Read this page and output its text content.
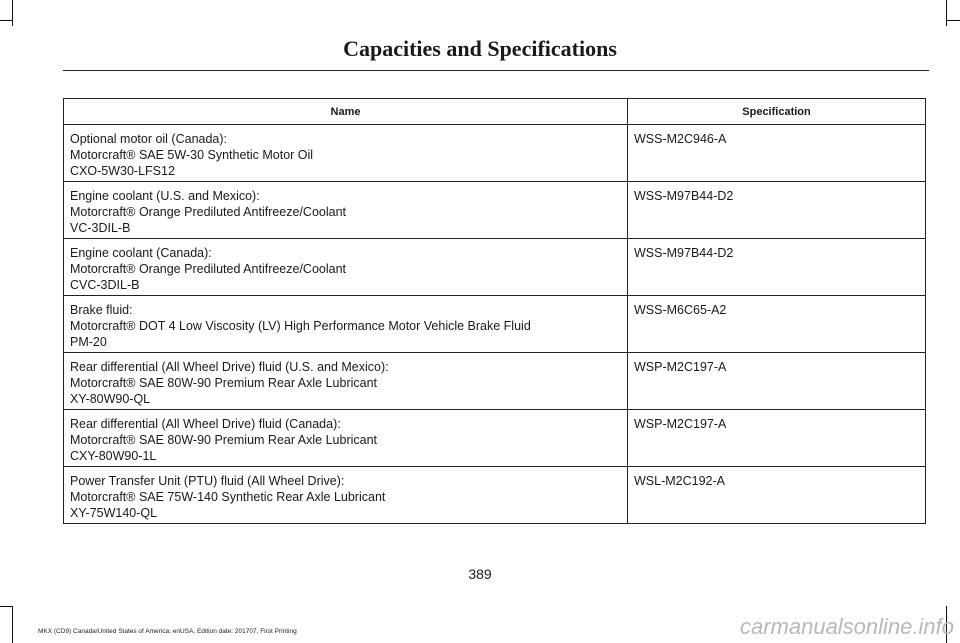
Capacities and Specifications
Name	Specification

Optional motor oil (Canada):
Motorcraft® SAE 5W-30 Synthetic Motor Oil
CXO-5W30-LFS12	WSS-M2C946-A

Engine coolant (U.S. and Mexico):
Motorcraft® Orange Prediluted Antifreeze/Coolant
VC-3DIL-B	WSS-M97B44-D2

Engine coolant (Canada):
Motorcraft® Orange Prediluted Antifreeze/Coolant
CVC-3DIL-B	WSS-M97B44-D2

Brake fluid:
Motorcraft® DOT 4 Low Viscosity (LV) High Performance Motor Vehicle Brake Fluid
PM-20	WSS-M6C65-A2

Rear differential (All Wheel Drive) fluid (U.S. and Mexico):
Motorcraft® SAE 80W-90 Premium Rear Axle Lubricant
XY-80W90-QL	WSP-M2C197-A

Rear differential (All Wheel Drive) fluid (Canada):
Motorcraft® SAE 80W-90 Premium Rear Axle Lubricant
CXY-80W90-1L	WSP-M2C197-A

Power Transfer Unit (PTU) fluid (All Wheel Drive):
Motorcraft® SAE 75W-140 Synthetic Rear Axle Lubricant
XY-75W140-QL	WSL-M2C192-A
389
MKX (CD9) Canada/United States of America, enUSA, Edition date: 201707, First Printing	carmanualsonline.info
